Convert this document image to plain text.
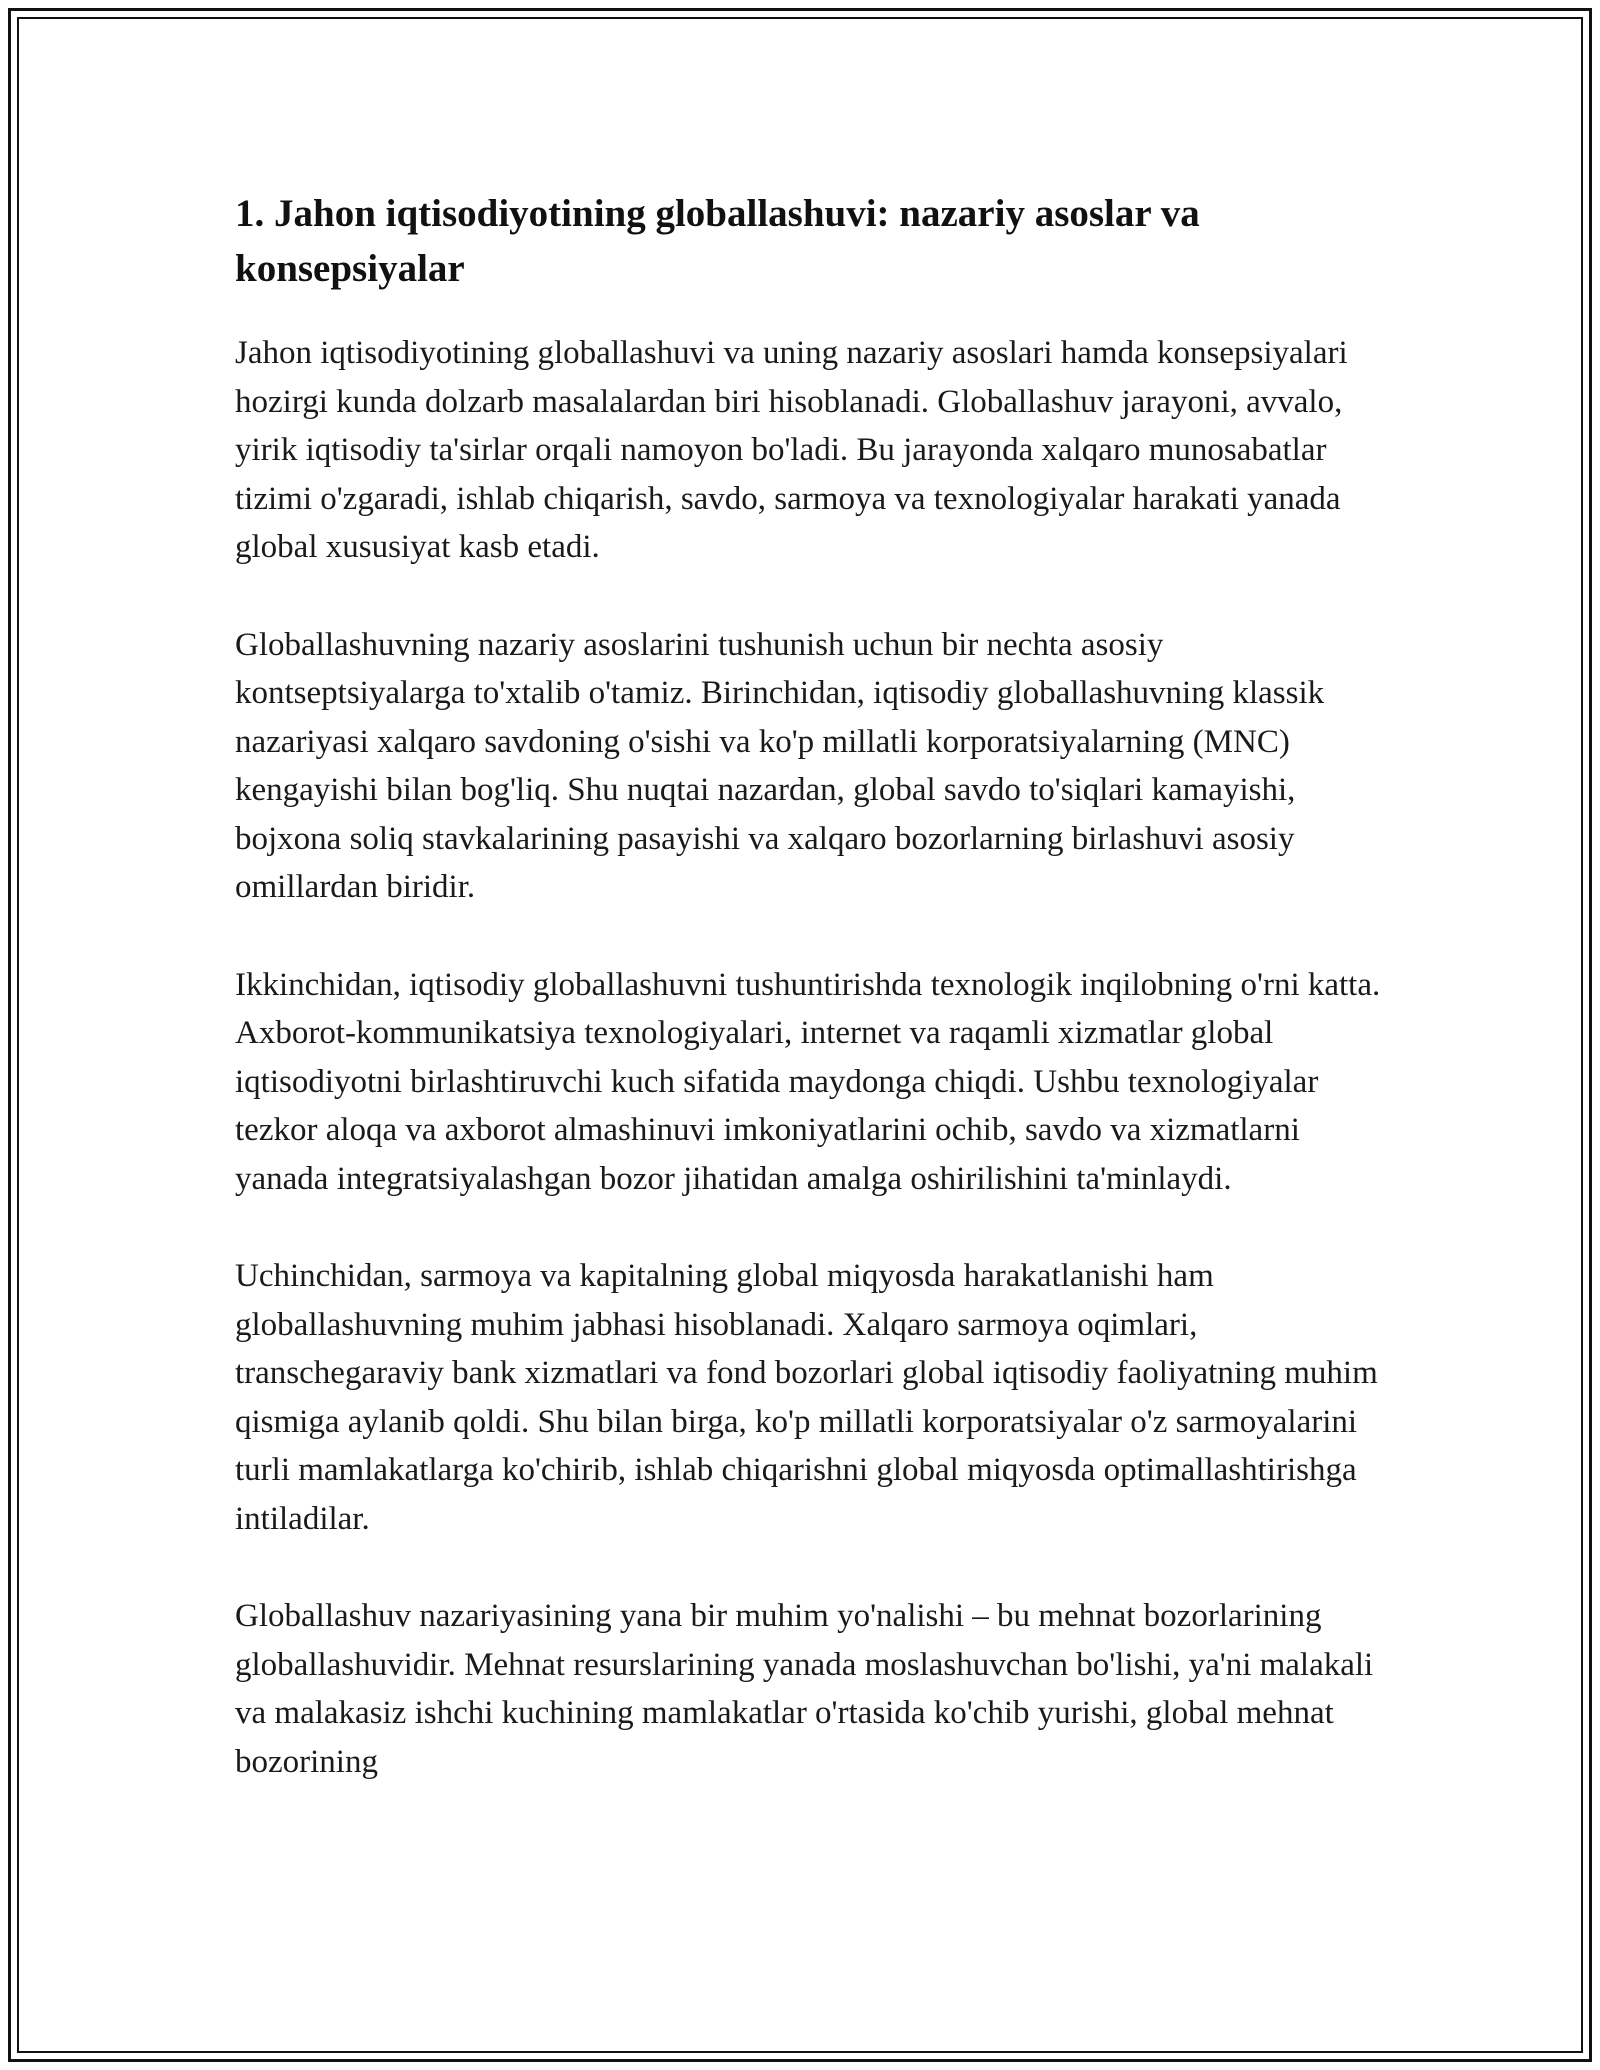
1. Jahon iqtisodiyotining globallashuvi: nazariy asoslar va konsepsiyalar

Jahon iqtisodiyotining globallashuvi va uning nazariy asoslari hamda konsepsiyalari hozirgi kunda dolzarb masalalardan biri hisoblanadi. Globallashuv jarayoni, avvalo, yirik iqtisodiy ta'sirlar orqali namoyon bo'ladi. Bu jarayonda xalqaro munosabatlar tizimi o'zgaradi, ishlab chiqarish, savdo, sarmoya va texnologiyalar harakati yanada global xususiyat kasb etadi.

Globallashuvning nazariy asoslarini tushunish uchun bir nechta asosiy kontseptsiyalarga to'xtalib o'tamiz. Birinchidan, iqtisodiy globallashuvning klassik nazariyasi xalqaro savdoning o'sishi va ko'p millatli korporatsiyalarning (MNC) kengayishi bilan bog'liq. Shu nuqtai nazardan, global savdo to'siqlari kamayishi, bojxona soliq stavkalarining pasayishi va xalqaro bozorlarning birlashuvi asosiy omillardan biridir.

Ikkinchidan, iqtisodiy globallashuvni tushuntirishda texnologik inqilobning o'rni katta. Axborot-kommunikatsiya texnologiyalari, internet va raqamli xizmatlar global iqtisodiyotni birlashtiruvchi kuch sifatida maydonga chiqdi. Ushbu texnologiyalar tezkor aloqa va axborot almashinuvi imkoniyatlarini ochib, savdo va xizmatlarni yanada integratsiyalashgan bozor jihatidan amalga oshirilishini ta'minlaydi.

Uchinchidan, sarmoya va kapitalning global miqyosda harakatlanishi ham globallashuvning muhim jabhasi hisoblanadi. Xalqaro sarmoya oqimlari, transchegaraviy bank xizmatlari va fond bozorlari global iqtisodiy faoliyatning muhim qismiga aylanib qoldi. Shu bilan birga, ko'p millatli korporatsiyalar o'z sarmoyalarini turli mamlakatlarga ko'chirib, ishlab chiqarishni global miqyosda optimallashtirishga intiladilar.

Globallashuv nazariyasining yana bir muhim yo'nalishi – bu mehnat bozorlarining globallashuvidir. Mehnat resurslarining yanada moslashuvchan bo'lishi, ya'ni malakali va malakasiz ishchi kuchining mamlakatlar o'rtasida ko'chib yurishi, global mehnat bozorining
